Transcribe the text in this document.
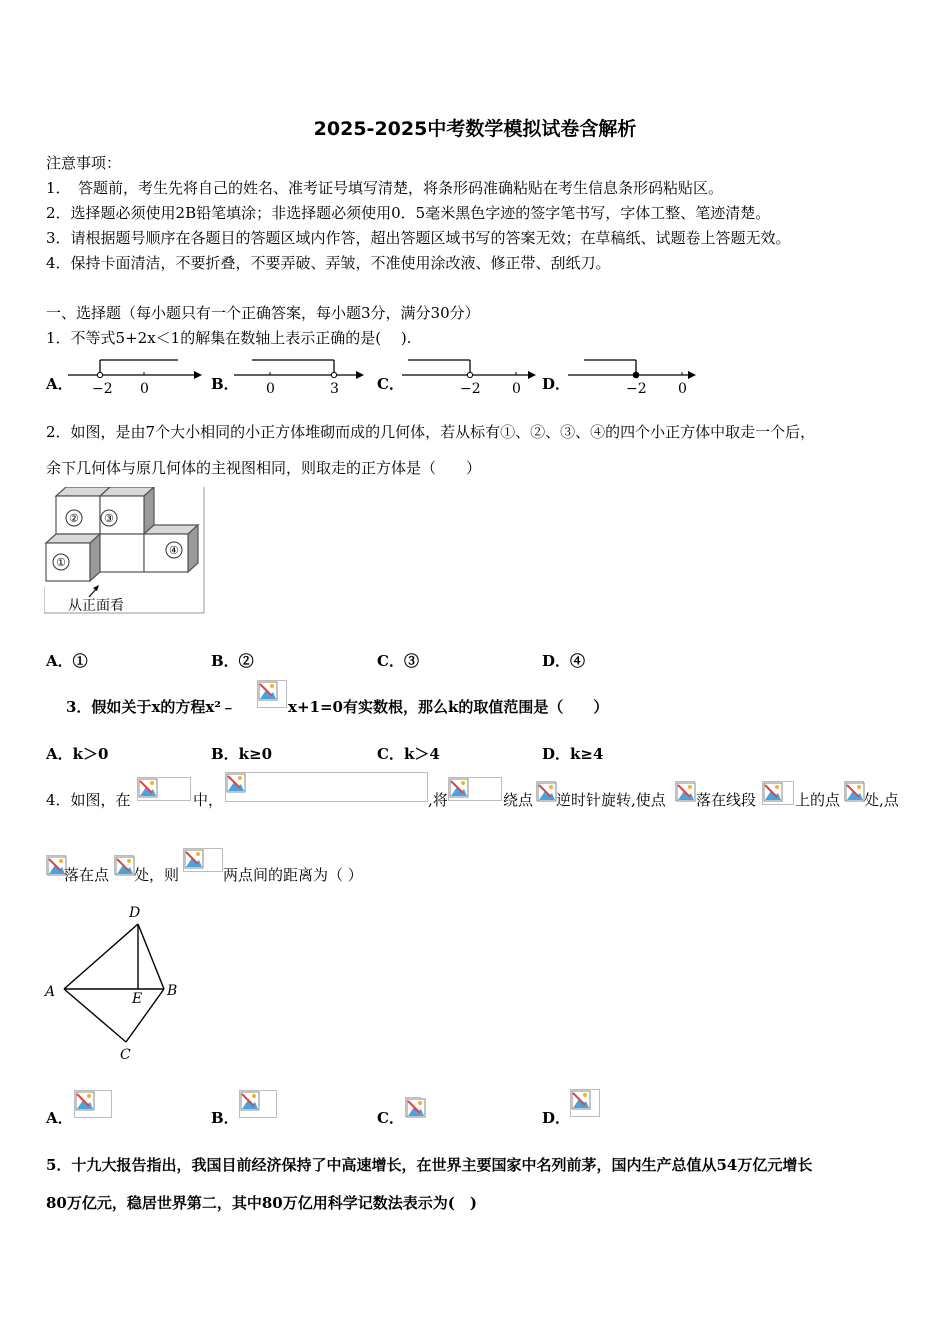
2025-2025中考数学模拟试卷含解析
注意事项：
1．　答题前，考生先将自己的姓名、准考证号填写清楚，将条形码准确粘贴在考生信息条形码粘贴区。
2．选择题必须使用2B铅笔填涂；非选择题必须使用0．5毫米黑色字迹的签字笔书写，字体工整、笔迹清楚。
3．请根据题号顺序在各题目的答题区域内作答，超出答题区域书写的答案无效；在草稿纸、试题卷上答题无效。
4．保持卡面清洁，不要折叠，不要弄破、弄皱，不准使用涂改液、修正带、刮纸刀。
一、选择题（每小题只有一个正确答案，每小题3分，满分30分）
1．不等式5+2x＜1的解集在数轴上表示正确的是(　 ).
A． −2 0	B． 0	3	C．	−2 0 D．	−2 0
2．如图，是由7个大小相同的小正方体堆砌而成的几何体，若从标有①、②、③、④的四个小正方体中取走一个后，
余下几何体与原几何体的主视图相同，则取走的正方体是（　　）
② ③
①
④
从正面看
A．①	B．②	C．③	D．④
3．假如关于x的方程x²﹣	x+1=0有实数根，那么k的取值范围是（　　）
A．k＞0	B．k≥0	C．k＞4	D．k≥4
4．如图，在	中，	,将	绕点 逆时针旋转,使点 落在线段	上的点 处,点
落在点 处，则	两点间的距离为（ ）
D
A	E B
C
A．	B．	C．	D．
5．十九大报告指出，我国目前经济保持了中高速增长，在世界主要国家中名列前茅，国内生产总值从54万亿元增长
80万亿元，稳居世界第二，其中80万亿用科学记数法表示为(　)
